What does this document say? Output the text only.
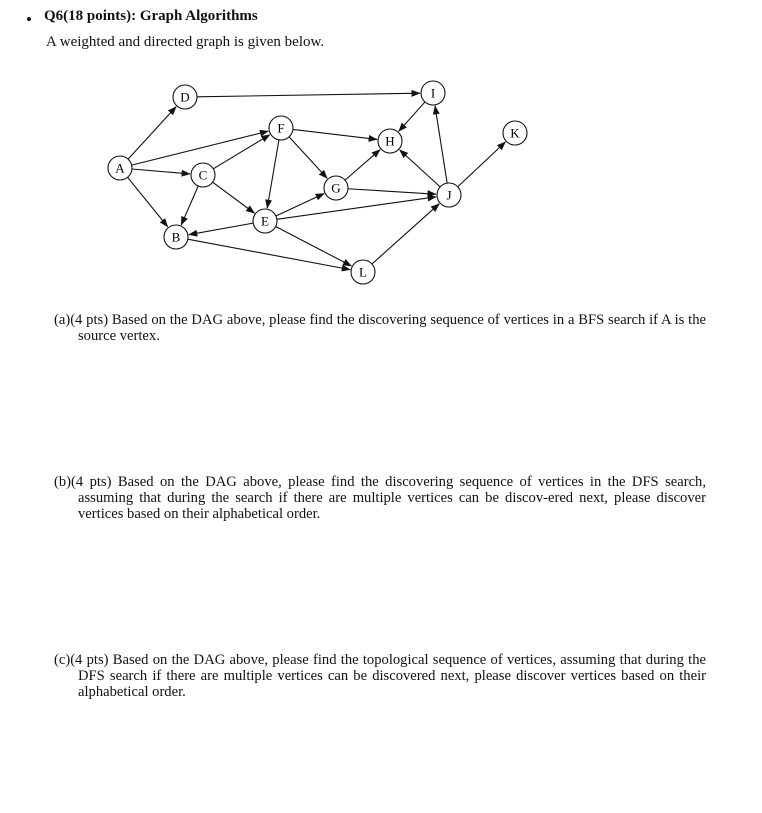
• Q6(18 points): Graph Algorithms
A weighted and directed graph is given below.
A
B
C
D
E
F
G
H
I
J
K
L
(a)(4 pts) Based on the DAG above, please find the discovering sequence of vertices in a BFS search if A is the source vertex.
(b)(4 pts) Based on the DAG above, please find the discovering sequence of vertices in the DFS search, assuming that during the search if there are multiple vertices can be discov-ered next, please discover vertices based on their alphabetical order.
(c)(4 pts) Based on the DAG above, please find the topological sequence of vertices, assuming that during the DFS search if there are multiple vertices can be discovered next, please discover vertices based on their alphabetical order.
